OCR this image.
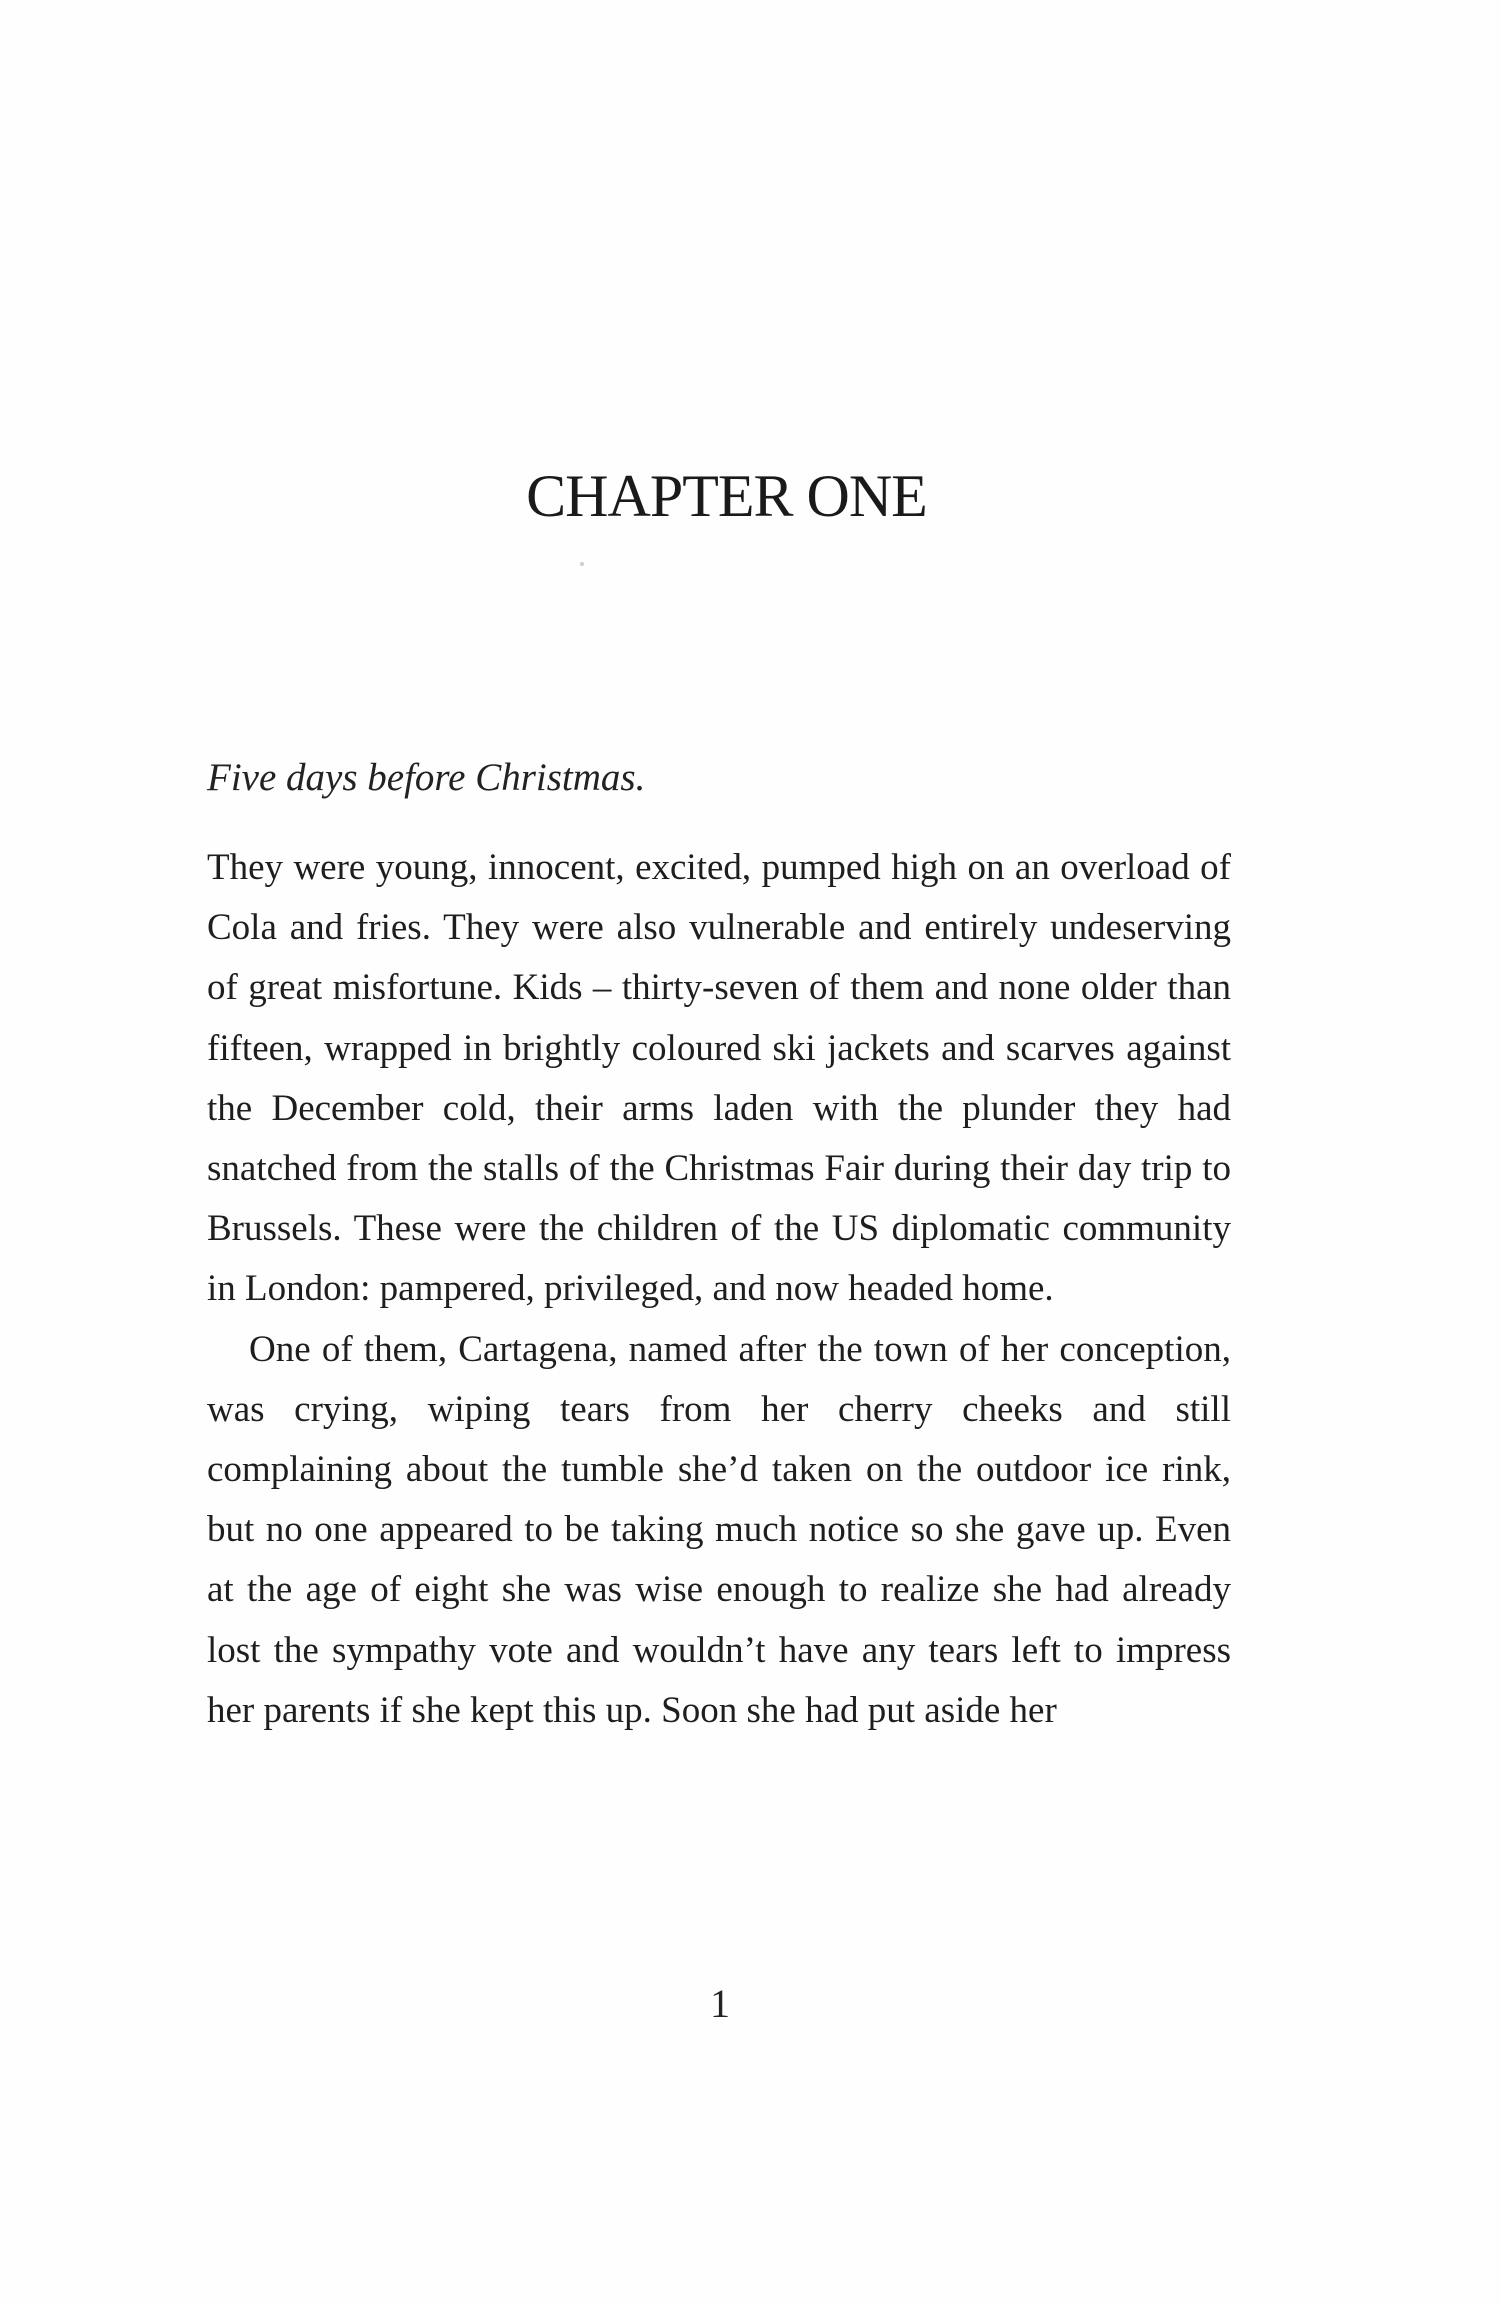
CHAPTER ONE

Five days before Christmas.

They were young, innocent, excited, pumped high on an overload of Cola and fries. They were also vulnerable and entirely undeserving of great misfortune. Kids – thirty-seven of them and none older than fifteen, wrapped in brightly coloured ski jackets and scarves against the December cold, their arms laden with the plunder they had snatched from the stalls of the Christmas Fair during their day trip to Brussels. These were the children of the US diplomatic community in London: pampered, privileged, and now headed home.

One of them, Cartagena, named after the town of her conception, was crying, wiping tears from her cherry cheeks and still complaining about the tumble she’d taken on the outdoor ice rink, but no one appeared to be taking much notice so she gave up. Even at the age of eight she was wise enough to realize she had already lost the sympathy vote and wouldn’t have any tears left to impress her parents if she kept this up. Soon she had put aside her

1
